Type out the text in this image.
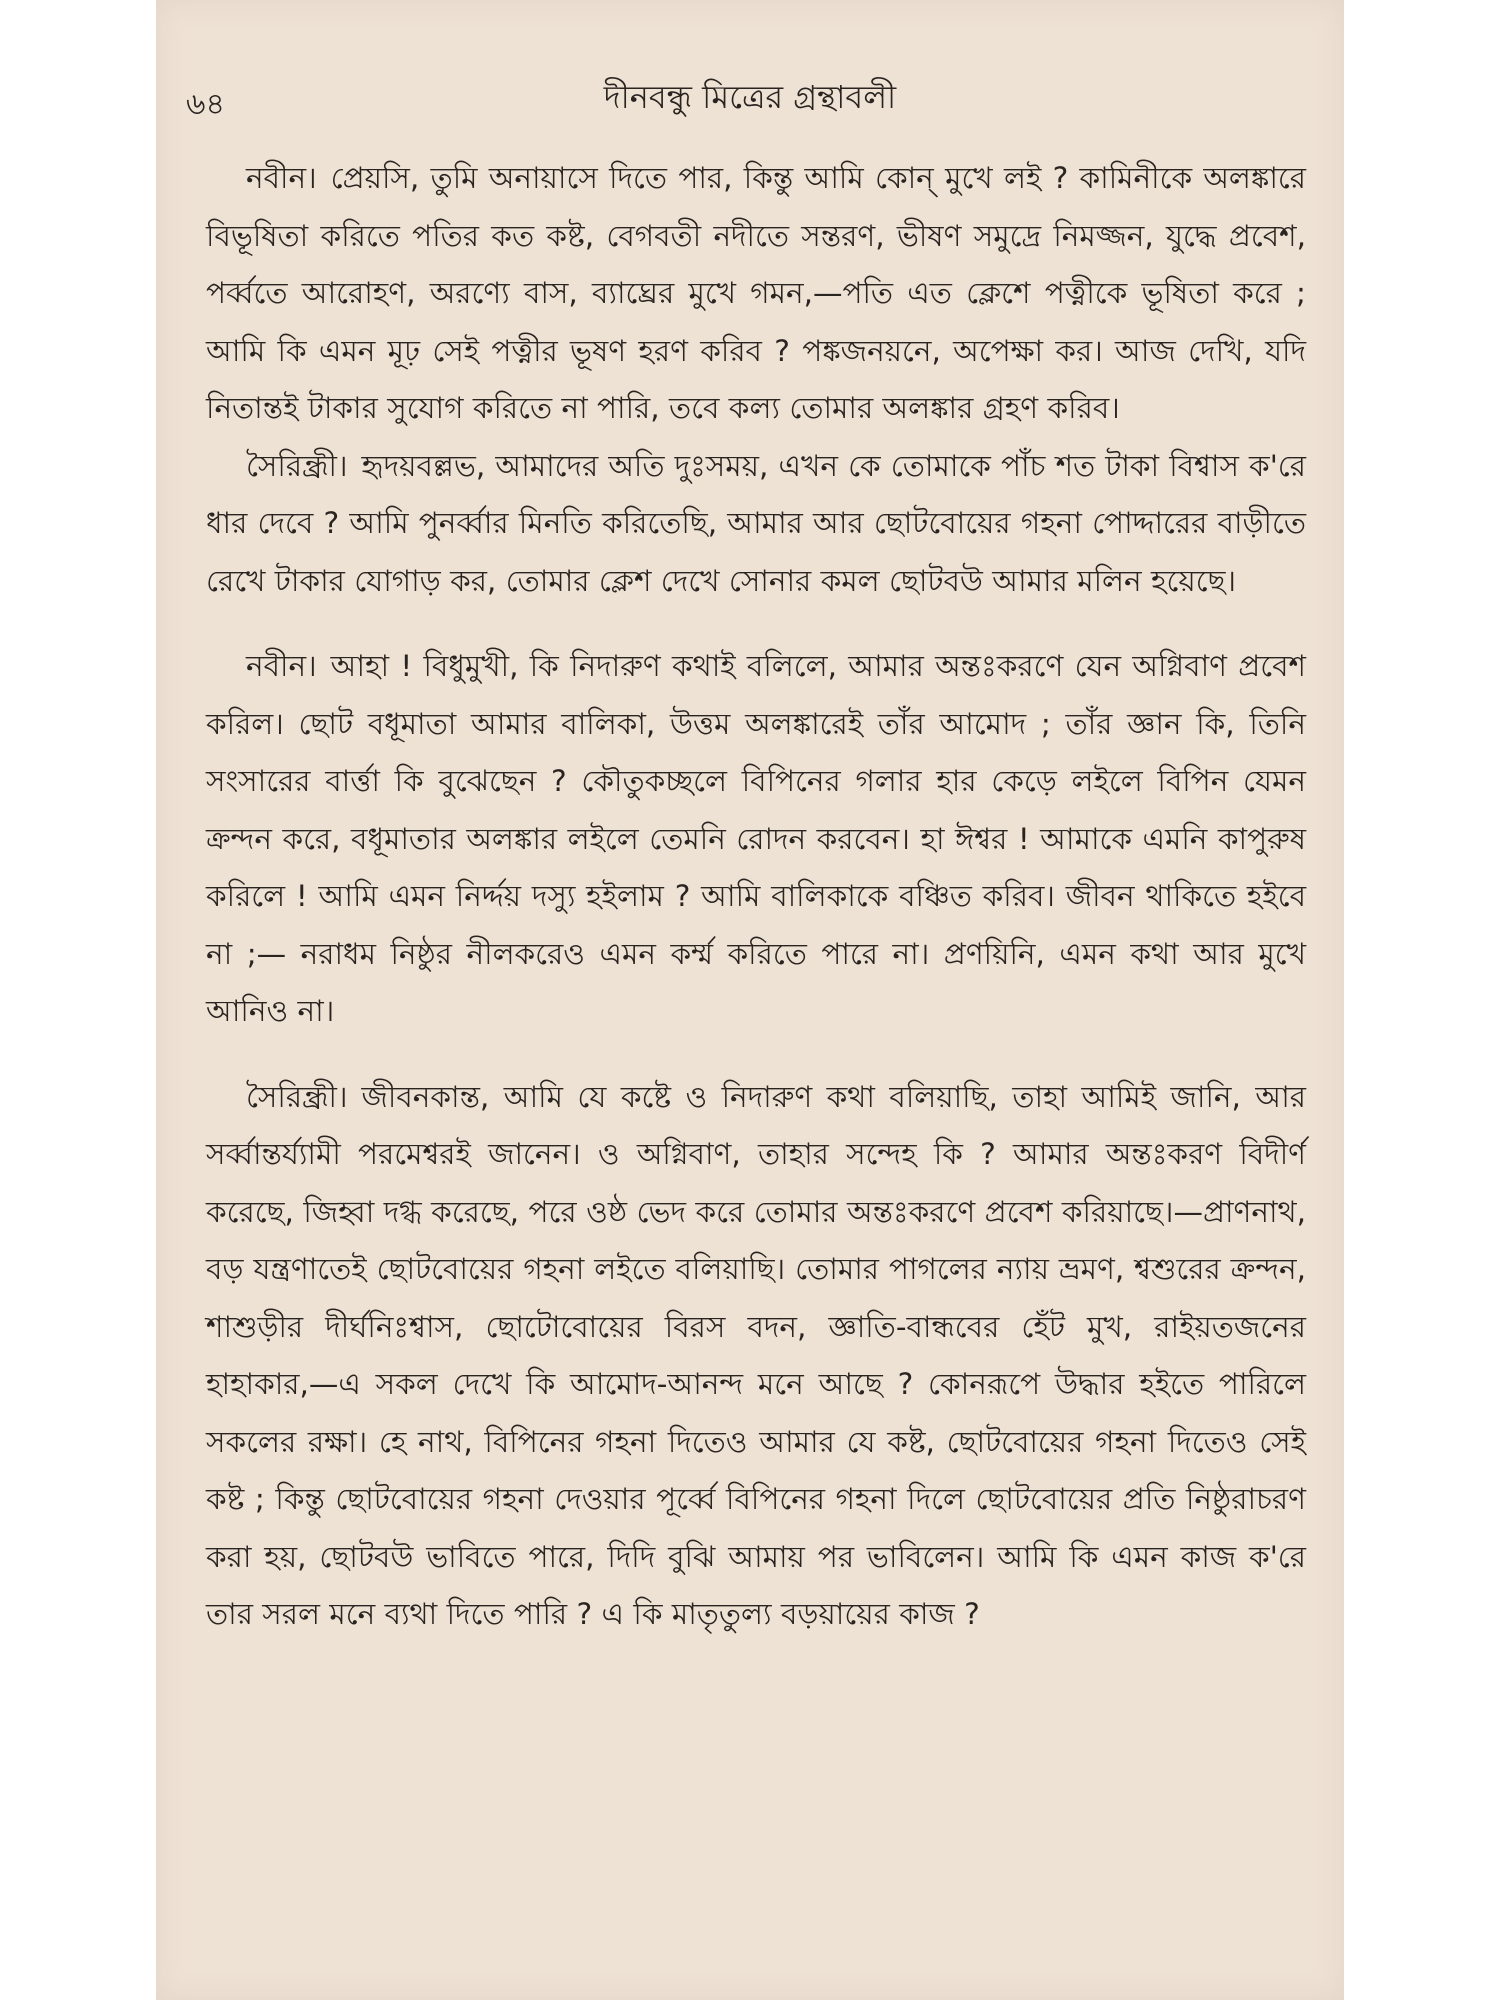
৬৪	দীনবন্ধু মিত্রের গ্রন্থাবলী

নবীন। প্রেয়সি, তুমি অনায়াসে দিতে পার, কিন্তু আমি কোন্ মুখে লই ? কামিনীকে অলঙ্কারে বিভূষিতা করিতে পতির কত কষ্ট, বেগবতী নদীতে সন্তরণ, ভীষণ সমুদ্রে নিমজ্জন, যুদ্ধে প্রবেশ, পর্ব্বতে আরোহণ, অরণ্যে বাস, ব্যাঘ্রের মুখে গমন,—পতি এত ক্লেশে পত্নীকে ভূষিতা করে ; আমি কি এমন মূঢ় সেই পত্নীর ভূষণ হরণ করিব ? পঙ্কজনয়নে, অপেক্ষা কর। আজ দেখি, যদি নিতান্তই টাকার সুযোগ করিতে না পারি, তবে কল্য তোমার অলঙ্কার গ্রহণ করিব।

সৈরিন্ধ্রী। হৃদয়বল্লভ, আমাদের অতি দুঃসময়, এখন কে তোমাকে পাঁচ শত টাকা বিশ্বাস ক'রে ধার দেবে ? আমি পুনর্ব্বার মিনতি করিতেছি, আমার আর ছোটবোয়ের গহনা পোদ্দারের বাড়ীতে রেখে টাকার যোগাড় কর, তোমার ক্লেশ দেখে সোনার কমল ছোটবউ আমার মলিন হয়েছে।

নবীন। আহা ! বিধুমুখী, কি নিদারুণ কথাই বলিলে, আমার অন্তঃকরণে যেন অগ্নিবাণ প্রবেশ করিল। ছোট বধূমাতা আমার বালিকা, উত্তম অলঙ্কারেই তাঁর আমোদ ; তাঁর জ্ঞান কি, তিনি সংসারের বার্ত্তা কি বুঝেছেন ? কৌতুকচ্ছলে বিপিনের গলার হার কেড়ে লইলে বিপিন যেমন ক্রন্দন করে, বধূমাতার অলঙ্কার লইলে তেমনি রোদন করবেন। হা ঈশ্বর ! আমাকে এমনি কাপুরুষ করিলে ! আমি এমন নির্দ্দয় দস্যু হইলাম ? আমি বালিকাকে বঞ্চিত করিব। জীবন থাকিতে হইবে না ;— নরাধম নিষ্ঠুর নীলকরেও এমন কর্ম্ম করিতে পারে না। প্রণয়িনি, এমন কথা আর মুখে আনিও না।

সৈরিন্ধ্রী। জীবনকান্ত, আমি যে কষ্টে ও নিদারুণ কথা বলিয়াছি, তাহা আমিই জানি, আর সর্ব্বান্তর্য্যামী পরমেশ্বরই জানেন। ও অগ্নিবাণ, তাহার সন্দেহ কি ? আমার অন্তঃকরণ বিদীর্ণ করেছে, জিহ্বা দগ্ধ করেছে, পরে ওষ্ঠ ভেদ করে তোমার অন্তঃকরণে প্রবেশ করিয়াছে।—প্রাণনাথ, বড় যন্ত্রণাতেই ছোটবোয়ের গহনা লইতে বলিয়াছি। তোমার পাগলের ন্যায় ভ্রমণ, শ্বশুরের ক্রন্দন, শাশুড়ীর দীর্ঘনিঃশ্বাস, ছোটোবোয়ের বিরস বদন, জ্ঞাতি-বান্ধবের হেঁট মুখ, রাইয়তজনের হাহাকার,—এ সকল দেখে কি আমোদ-আনন্দ মনে আছে ? কোনরূপে উদ্ধার হইতে পারিলে সকলের রক্ষা। হে নাথ, বিপিনের গহনা দিতেও আমার যে কষ্ট, ছোটবোয়ের গহনা দিতেও সেই কষ্ট ; কিন্তু ছোটবোয়ের গহনা দেওয়ার পূর্ব্বে বিপিনের গহনা দিলে ছোটবোয়ের প্রতি নিষ্ঠুরাচরণ করা হয়, ছোটবউ ভাবিতে পারে, দিদি বুঝি আমায় পর ভাবিলেন। আমি কি এমন কাজ ক'রে তার সরল মনে ব্যথা দিতে পারি ? এ কি মাতৃতুল্য বড়য়ায়ের কাজ ?
